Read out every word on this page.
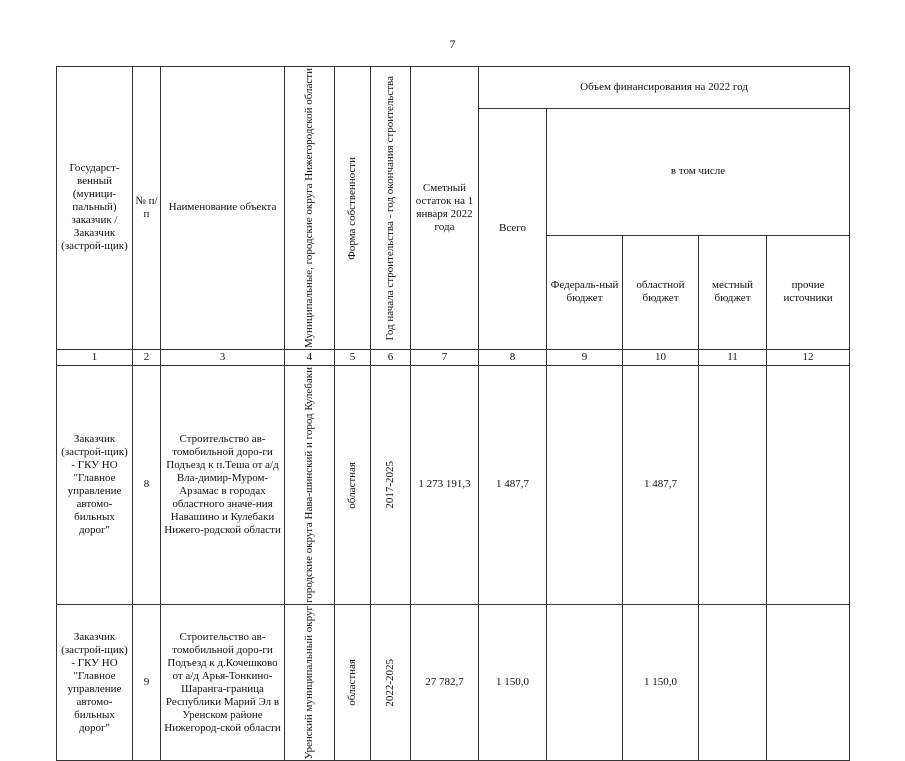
7
Государст-венный (муници-пальный) заказчик / Заказчик (застрой-щик)	№ п/п	Наименование объекта	Муниципальные, городские округа Нижегородской области	Форма собственности	Год начала строительства - год окончания строительства	Сметный остаток на 1 января 2022 года	Объем финансирования на 2022 год				
							Всего	в том числе			
								Федераль-ный бюджет	областной бюджет	местный бюджет	прочие источники
1	2	3	4	5	6	7	8	9	10	11	12
Заказчик (застрой-щик) - ГКУ НО "Главное управление автомо-бильных дорог"	8	Строительство ав-томобильной доро-ги Подъезд к п.Теша от а/д Вла-димир-Муром-Арзамас в городах областного значе-ния Навашино и Кулебаки Нижего-родской области	городские округа Нава-шинский и город Кулебаки	областная	2017-2025	1 273 191,3	1 487,7		1 487,7		
Заказчик (застрой-щик) - ГКУ НО "Главное управление автомо-бильных дорог"	9	Строительство ав-томобильной доро-ги Подъезд к д.Кочешково от а/д Арья-Тонкино-Шаранга-граница Республики Марий Эл в Уренском районе Нижегород-ской области	Уренский муниципальный округ	областная	2022-2025	27 782,7	1 150,0		1 150,0		
